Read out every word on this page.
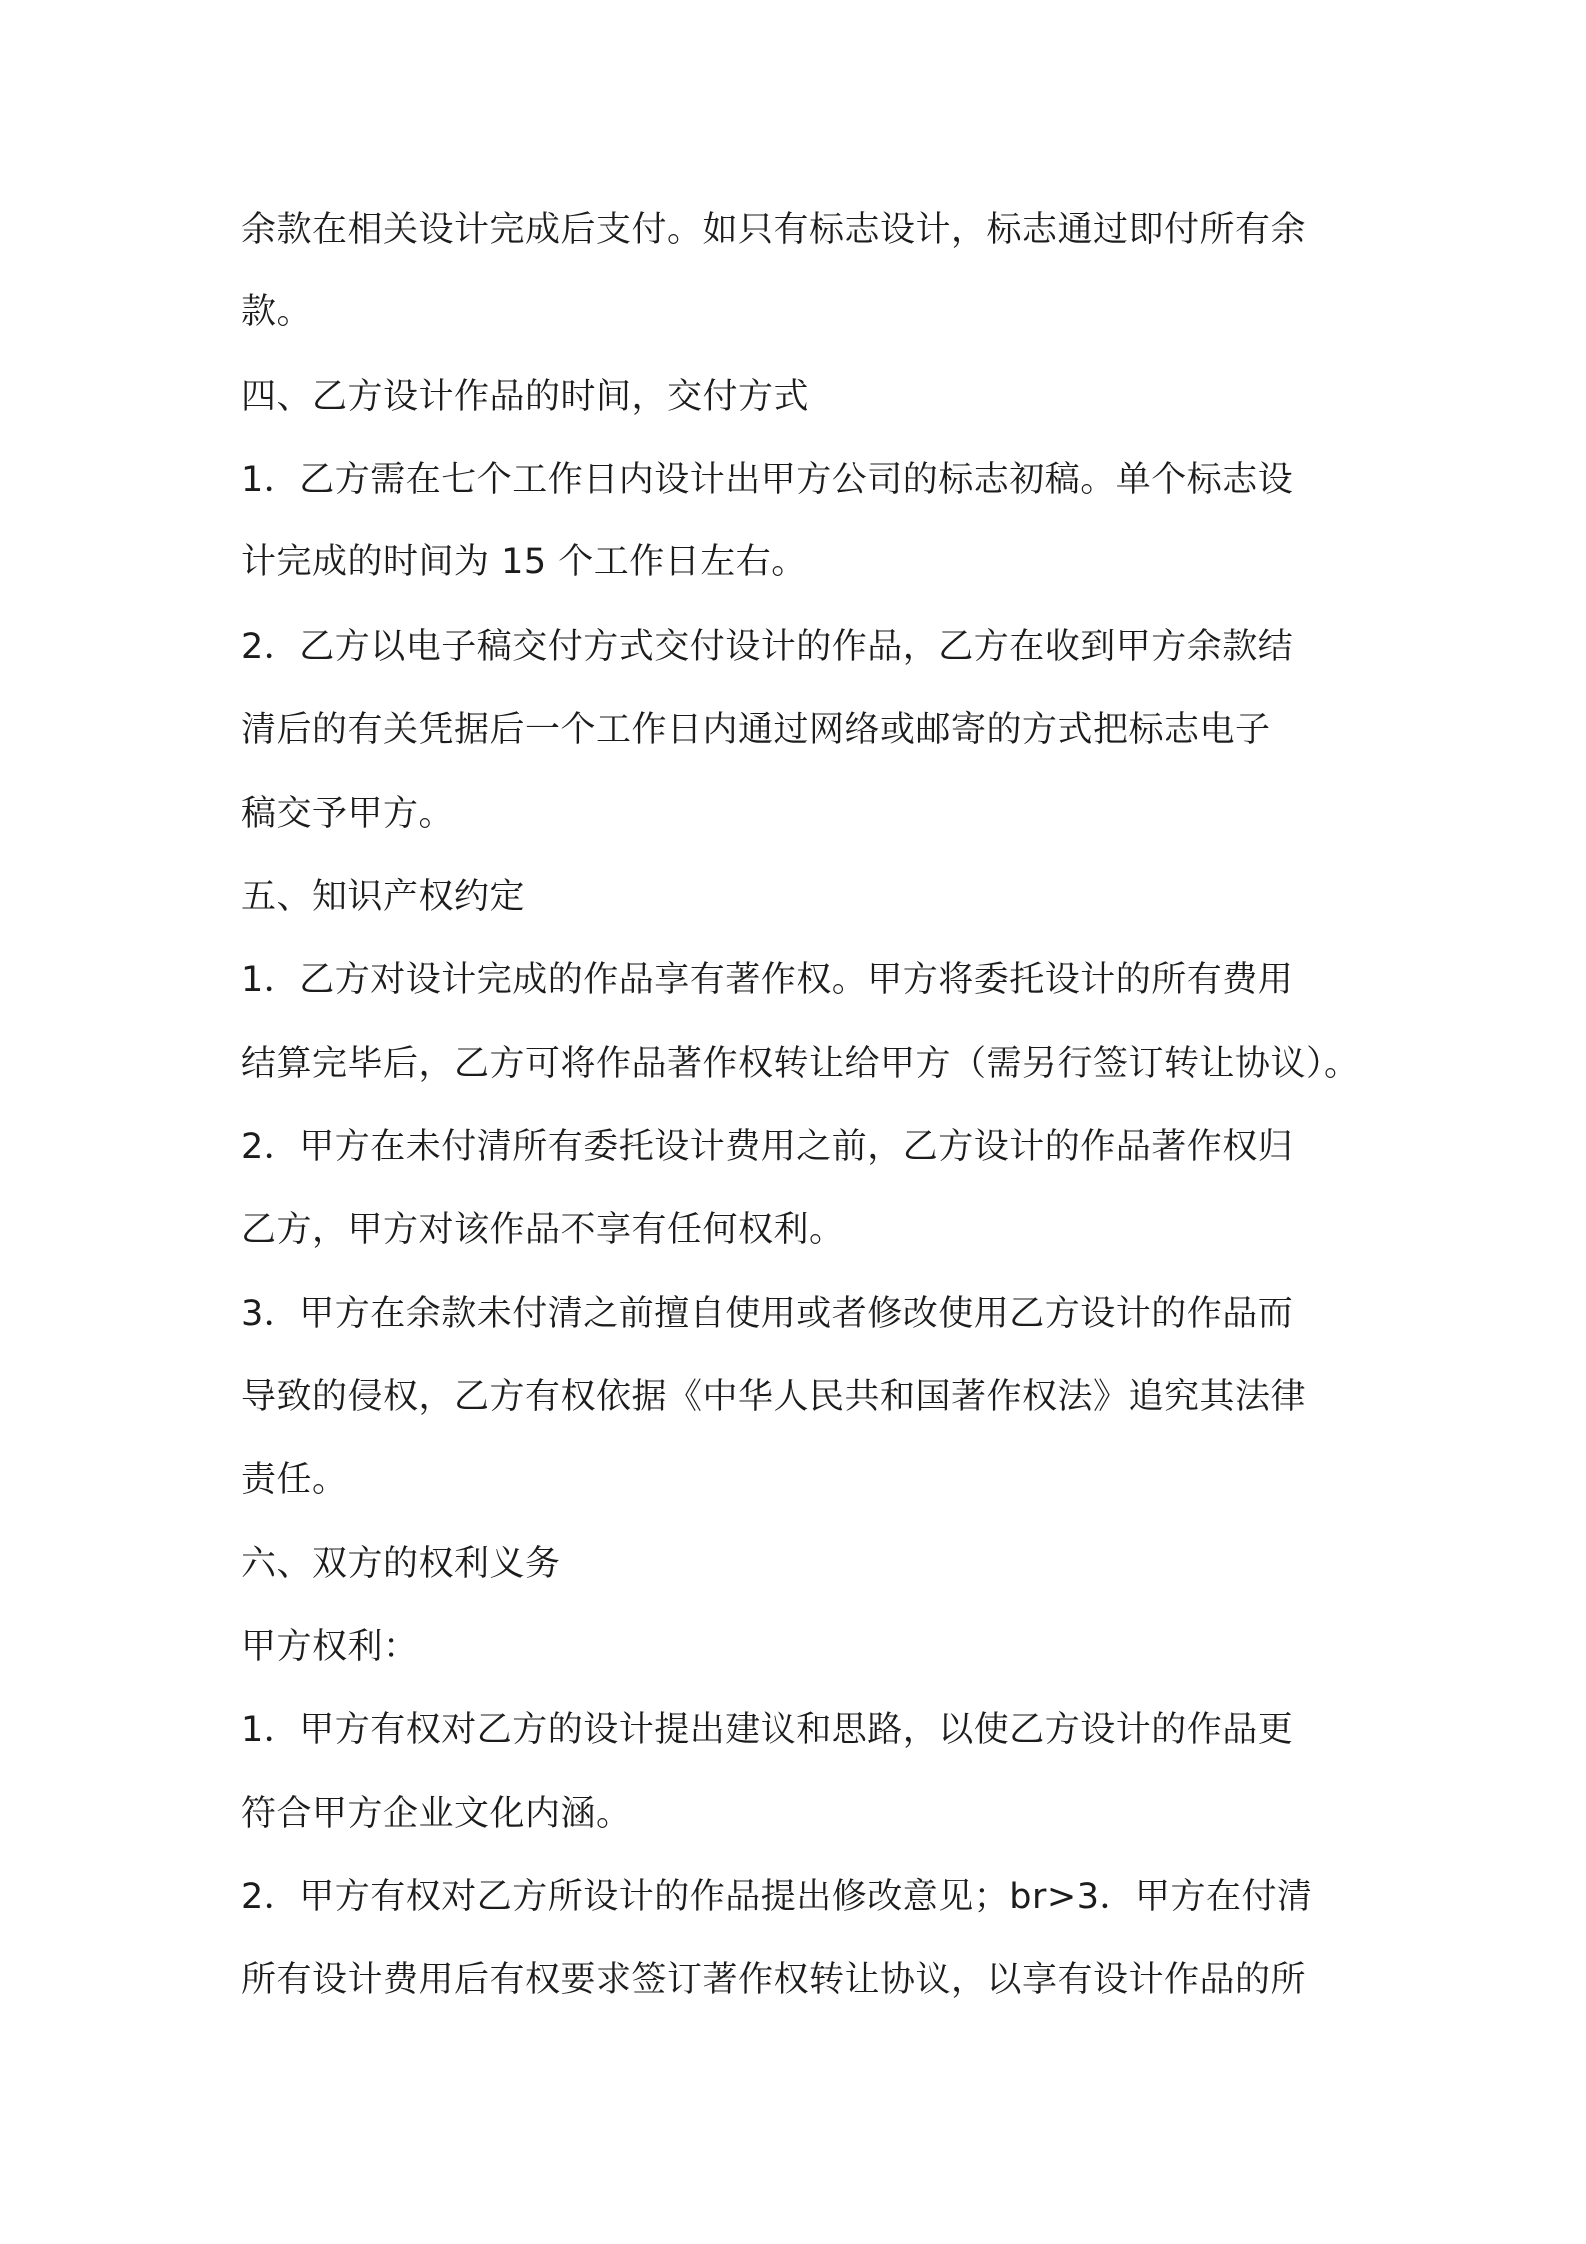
余款在相关设计完成后支付。如只有标志设计，标志通过即付所有余
款。
四、乙方设计作品的时间，交付方式
1．乙方需在七个工作日内设计出甲方公司的标志初稿。单个标志设
计完成的时间为 15 个工作日左右。
2．乙方以电子稿交付方式交付设计的作品，乙方在收到甲方余款结
清后的有关凭据后一个工作日内通过网络或邮寄的方式把标志电子
稿交予甲方。
五、知识产权约定
1．乙方对设计完成的作品享有著作权。甲方将委托设计的所有费用
结算完毕后，乙方可将作品著作权转让给甲方（需另行签订转让协议）。
2．甲方在未付清所有委托设计费用之前，乙方设计的作品著作权归
乙方，甲方对该作品不享有任何权利。
3．甲方在余款未付清之前擅自使用或者修改使用乙方设计的作品而
导致的侵权，乙方有权依据《中华人民共和国著作权法》追究其法律
责任。
六、双方的权利义务
甲方权利：
1．甲方有权对乙方的设计提出建议和思路，以使乙方设计的作品更
符合甲方企业文化内涵。
2．甲方有权对乙方所设计的作品提出修改意见；br>3．甲方在付清
所有设计费用后有权要求签订著作权转让协议，以享有设计作品的所
